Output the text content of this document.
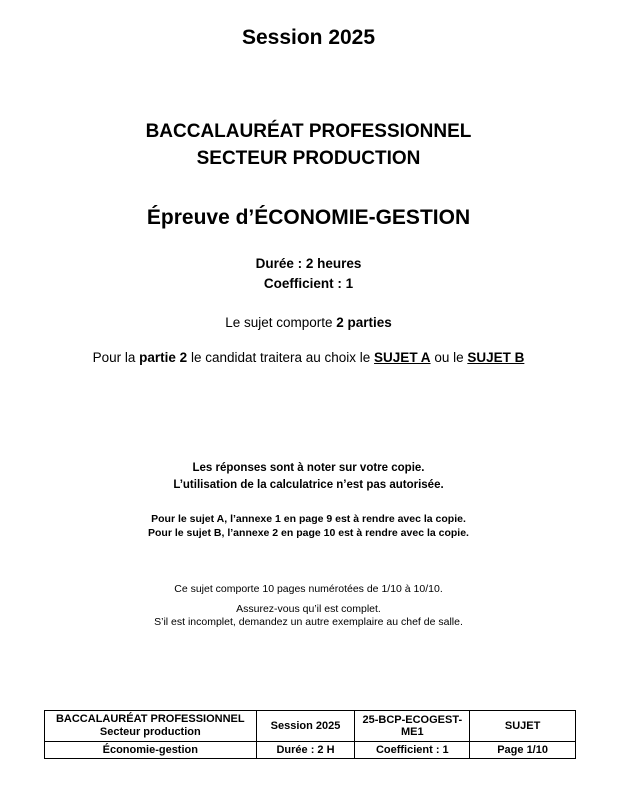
Session 2025
BACCALAURÉAT PROFESSIONNEL
SECTEUR PRODUCTION
Épreuve d’ÉCONOMIE-GESTION
Durée : 2 heures
Coefficient : 1
Le sujet comporte 2 parties
Pour la partie 2 le candidat traitera au choix le SUJET A ou le SUJET B
Les réponses sont à noter sur votre copie.
L’utilisation de la calculatrice n’est pas autorisée.
Pour le sujet A, l’annexe 1 en page 9 est à rendre avec la copie.
Pour le sujet B, l’annexe 2 en page 10 est à rendre avec la copie.
Ce sujet comporte 10 pages numérotées de 1/10 à 10/10.
Assurez-vous qu’il est complet.
S’il est incomplet, demandez un autre exemplaire au chef de salle.
BACCALAURÉAT PROFESSIONNEL
Secteur production	Session 2025	25-BCP-ECOGEST-ME1	SUJET
Économie-gestion	Durée : 2 H	Coefficient : 1	Page 1/10
